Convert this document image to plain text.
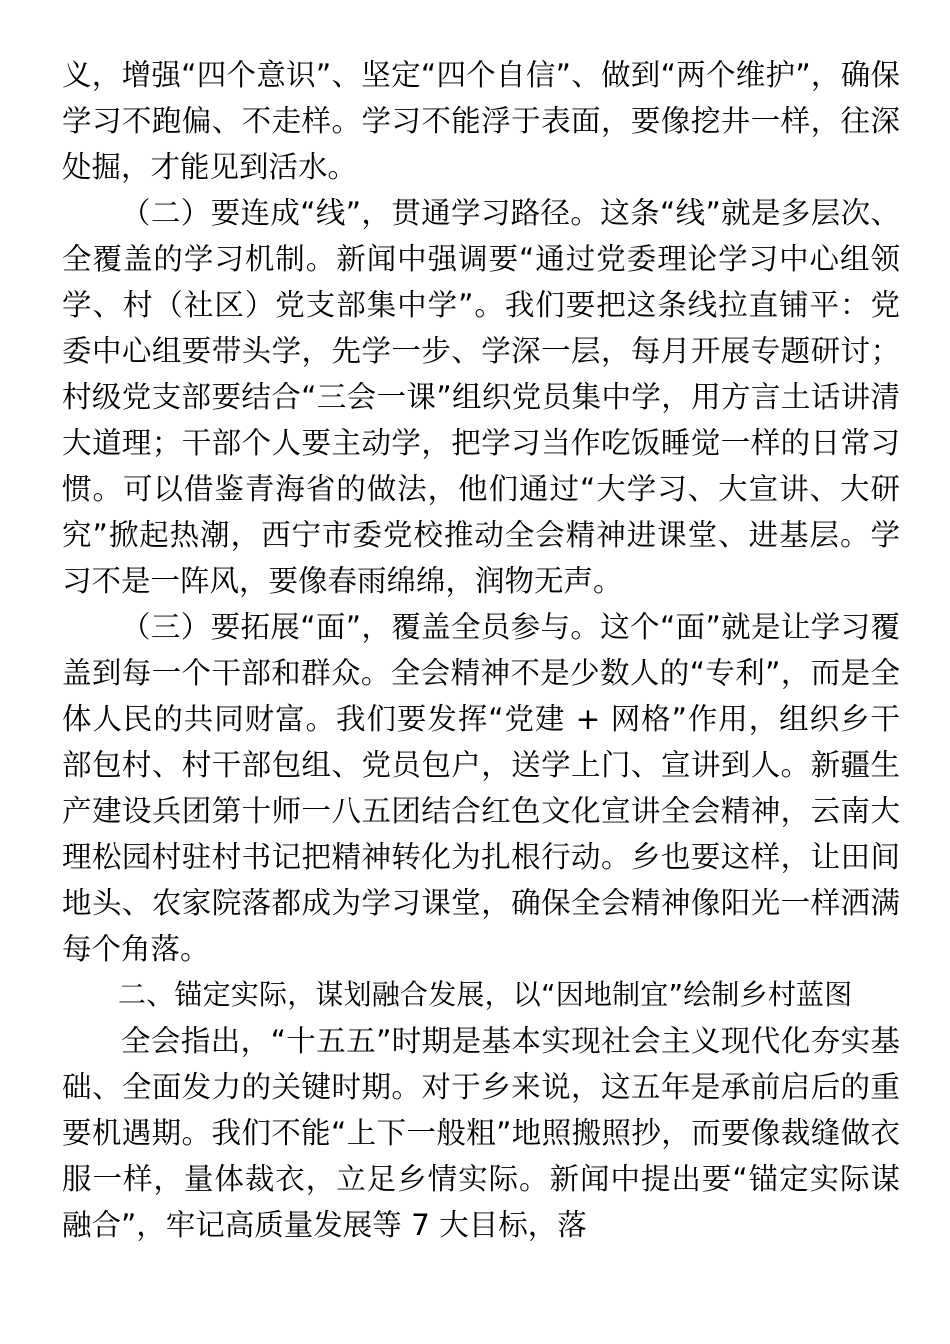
义，增强“四个意识”、坚定“四个自信”、做到“两个维护”，确保学习不跑偏、不走样。学习不能浮于表面，要像挖井一样，往深处掘，才能见到活水。

（二）要连成“线”，贯通学习路径。这条“线”就是多层次、全覆盖的学习机制。新闻中强调要“通过党委理论学习中心组领学、村（社区）党支部集中学”。我们要把这条线拉直铺平：党委中心组要带头学，先学一步、学深一层，每月开展专题研讨；村级党支部要结合“三会一课”组织党员集中学，用方言土话讲清大道理；干部个人要主动学，把学习当作吃饭睡觉一样的日常习惯。可以借鉴青海省的做法，他们通过“大学习、大宣讲、大研究”掀起热潮，西宁市委党校推动全会精神进课堂、进基层。学习不是一阵风，要像春雨绵绵，润物无声。

（三）要拓展“面”，覆盖全员参与。这个“面”就是让学习覆盖到每一个干部和群众。全会精神不是少数人的“专利”，而是全体人民的共同财富。我们要发挥“党建 + 网格”作用，组织乡干部包村、村干部包组、党员包户，送学上门、宣讲到人。新疆生产建设兵团第十师一八五团结合红色文化宣讲全会精神，云南大理松园村驻村书记把精神转化为扎根行动。乡也要这样，让田间地头、农家院落都成为学习课堂，确保全会精神像阳光一样洒满每个角落。

二、锚定实际，谋划融合发展，以“因地制宜”绘制乡村蓝图

全会指出，“十五五”时期是基本实现社会主义现代化夯实基础、全面发力的关键时期。对于乡来说，这五年是承前启后的重要机遇期。我们不能“上下一般粗”地照搬照抄，而要像裁缝做衣服一样，量体裁衣，立足乡情实际。新闻中提出要“锚定实际谋融合”，牢记高质量发展等 7 大目标，落
